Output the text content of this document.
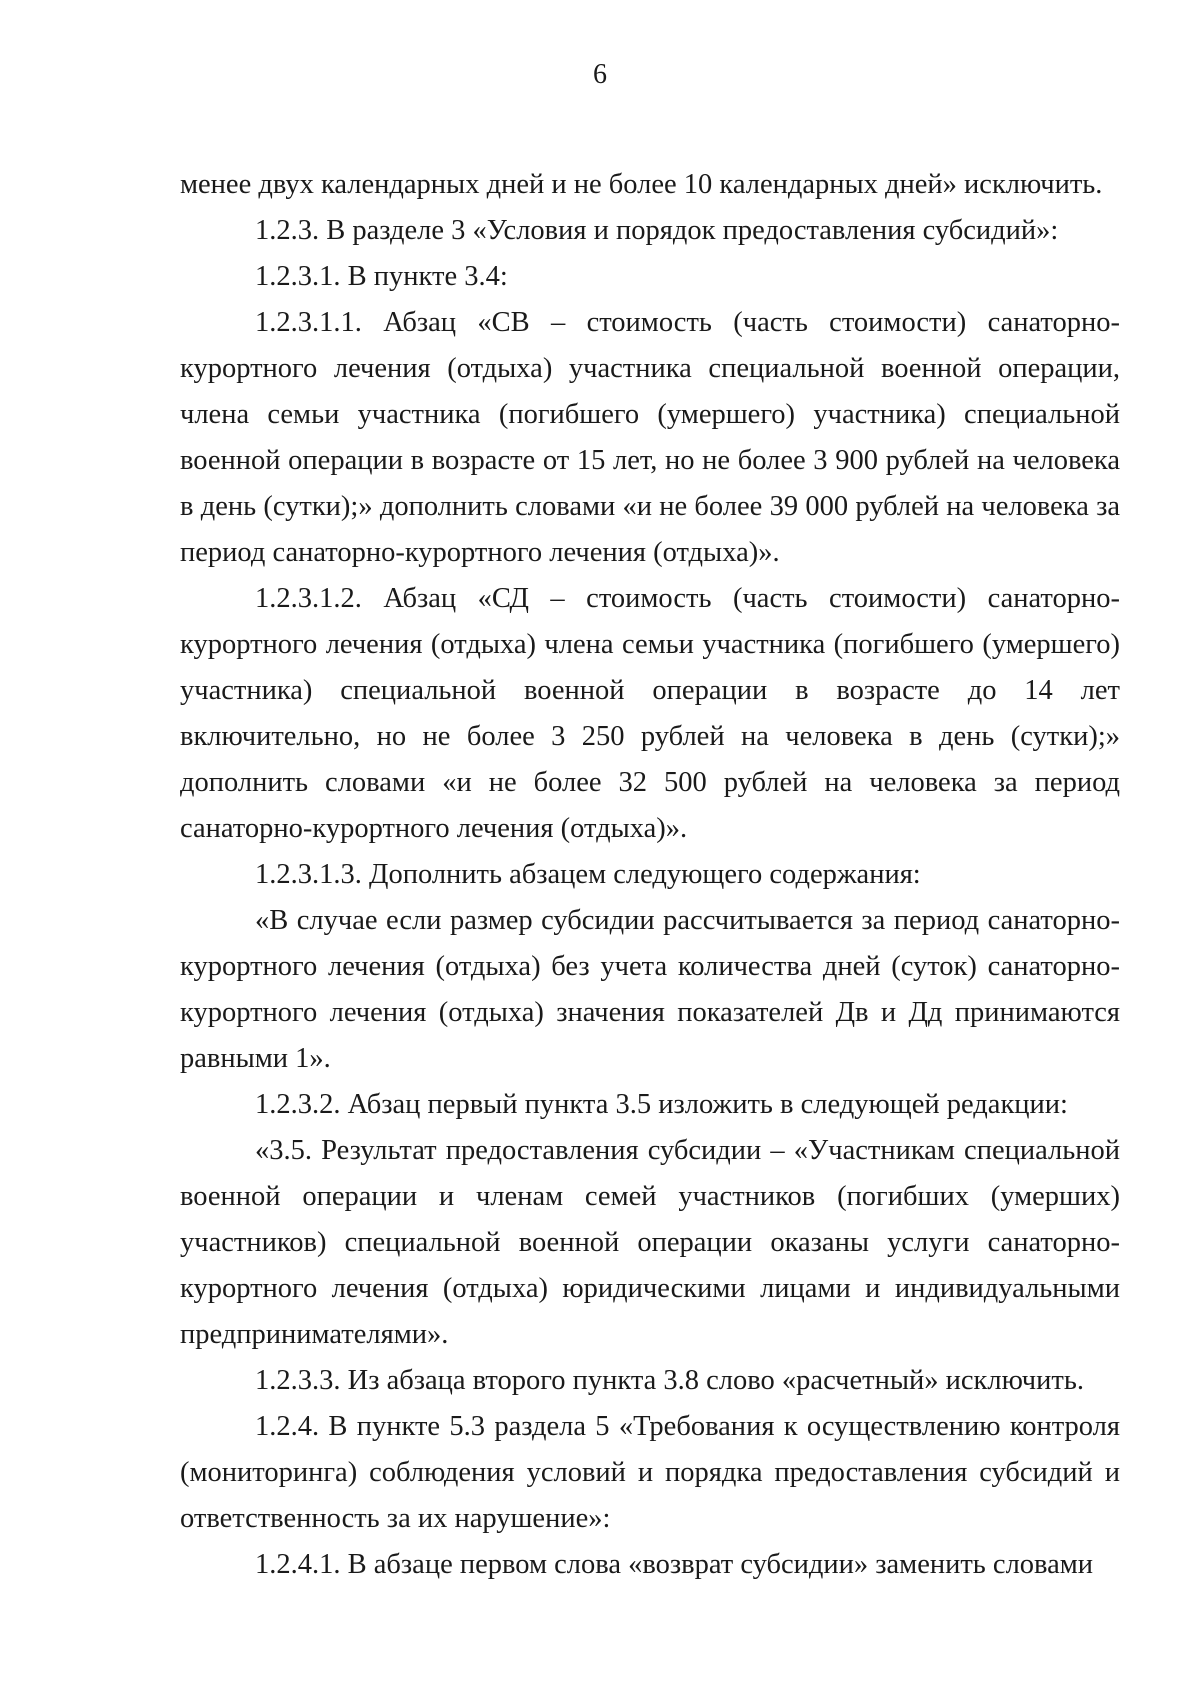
6

менее двух календарных дней и не более 10 календарных дней» исключить.

1.2.3. В разделе 3 «Условия и порядок предоставления субсидий»:

1.2.3.1. В пункте 3.4:

1.2.3.1.1. Абзац «СВ – стоимость (часть стоимости) санаторно-курортного лечения (отдыха) участника специальной военной операции, члена семьи участника (погибшего (умершего) участника) специальной военной операции в возрасте от 15 лет, но не более 3 900 рублей на человека в день (сутки);» дополнить словами «и не более 39 000 рублей на человека за период санаторно-курортного лечения (отдыха)».

1.2.3.1.2. Абзац «СД – стоимость (часть стоимости) санаторно-курортного лечения (отдыха) члена семьи участника (погибшего (умершего) участника) специальной военной операции в возрасте до 14 лет включительно, но не более 3 250 рублей на человека в день (сутки);» дополнить словами «и не более 32 500 рублей на человека за период санаторно-курортного лечения (отдыха)».

1.2.3.1.3. Дополнить абзацем следующего содержания:

«В случае если размер субсидии рассчитывается за период санаторно-курортного лечения (отдыха) без учета количества дней (суток) санаторно-курортного лечения (отдыха) значения показателей Дв и Дд принимаются равными 1».

1.2.3.2. Абзац первый пункта 3.5 изложить в следующей редакции:

«3.5. Результат предоставления субсидии – «Участникам специальной военной операции и членам семей участников (погибших (умерших) участников) специальной военной операции оказаны услуги санаторно-курортного лечения (отдыха) юридическими лицами и индивидуальными предпринимателями».

1.2.3.3. Из абзаца второго пункта 3.8 слово «расчетный» исключить.

1.2.4. В пункте 5.3 раздела 5 «Требования к осуществлению контроля (мониторинга) соблюдения условий и порядка предоставления субсидий и ответственность за их нарушение»:

1.2.4.1. В абзаце первом слова «возврат субсидии» заменить словами
